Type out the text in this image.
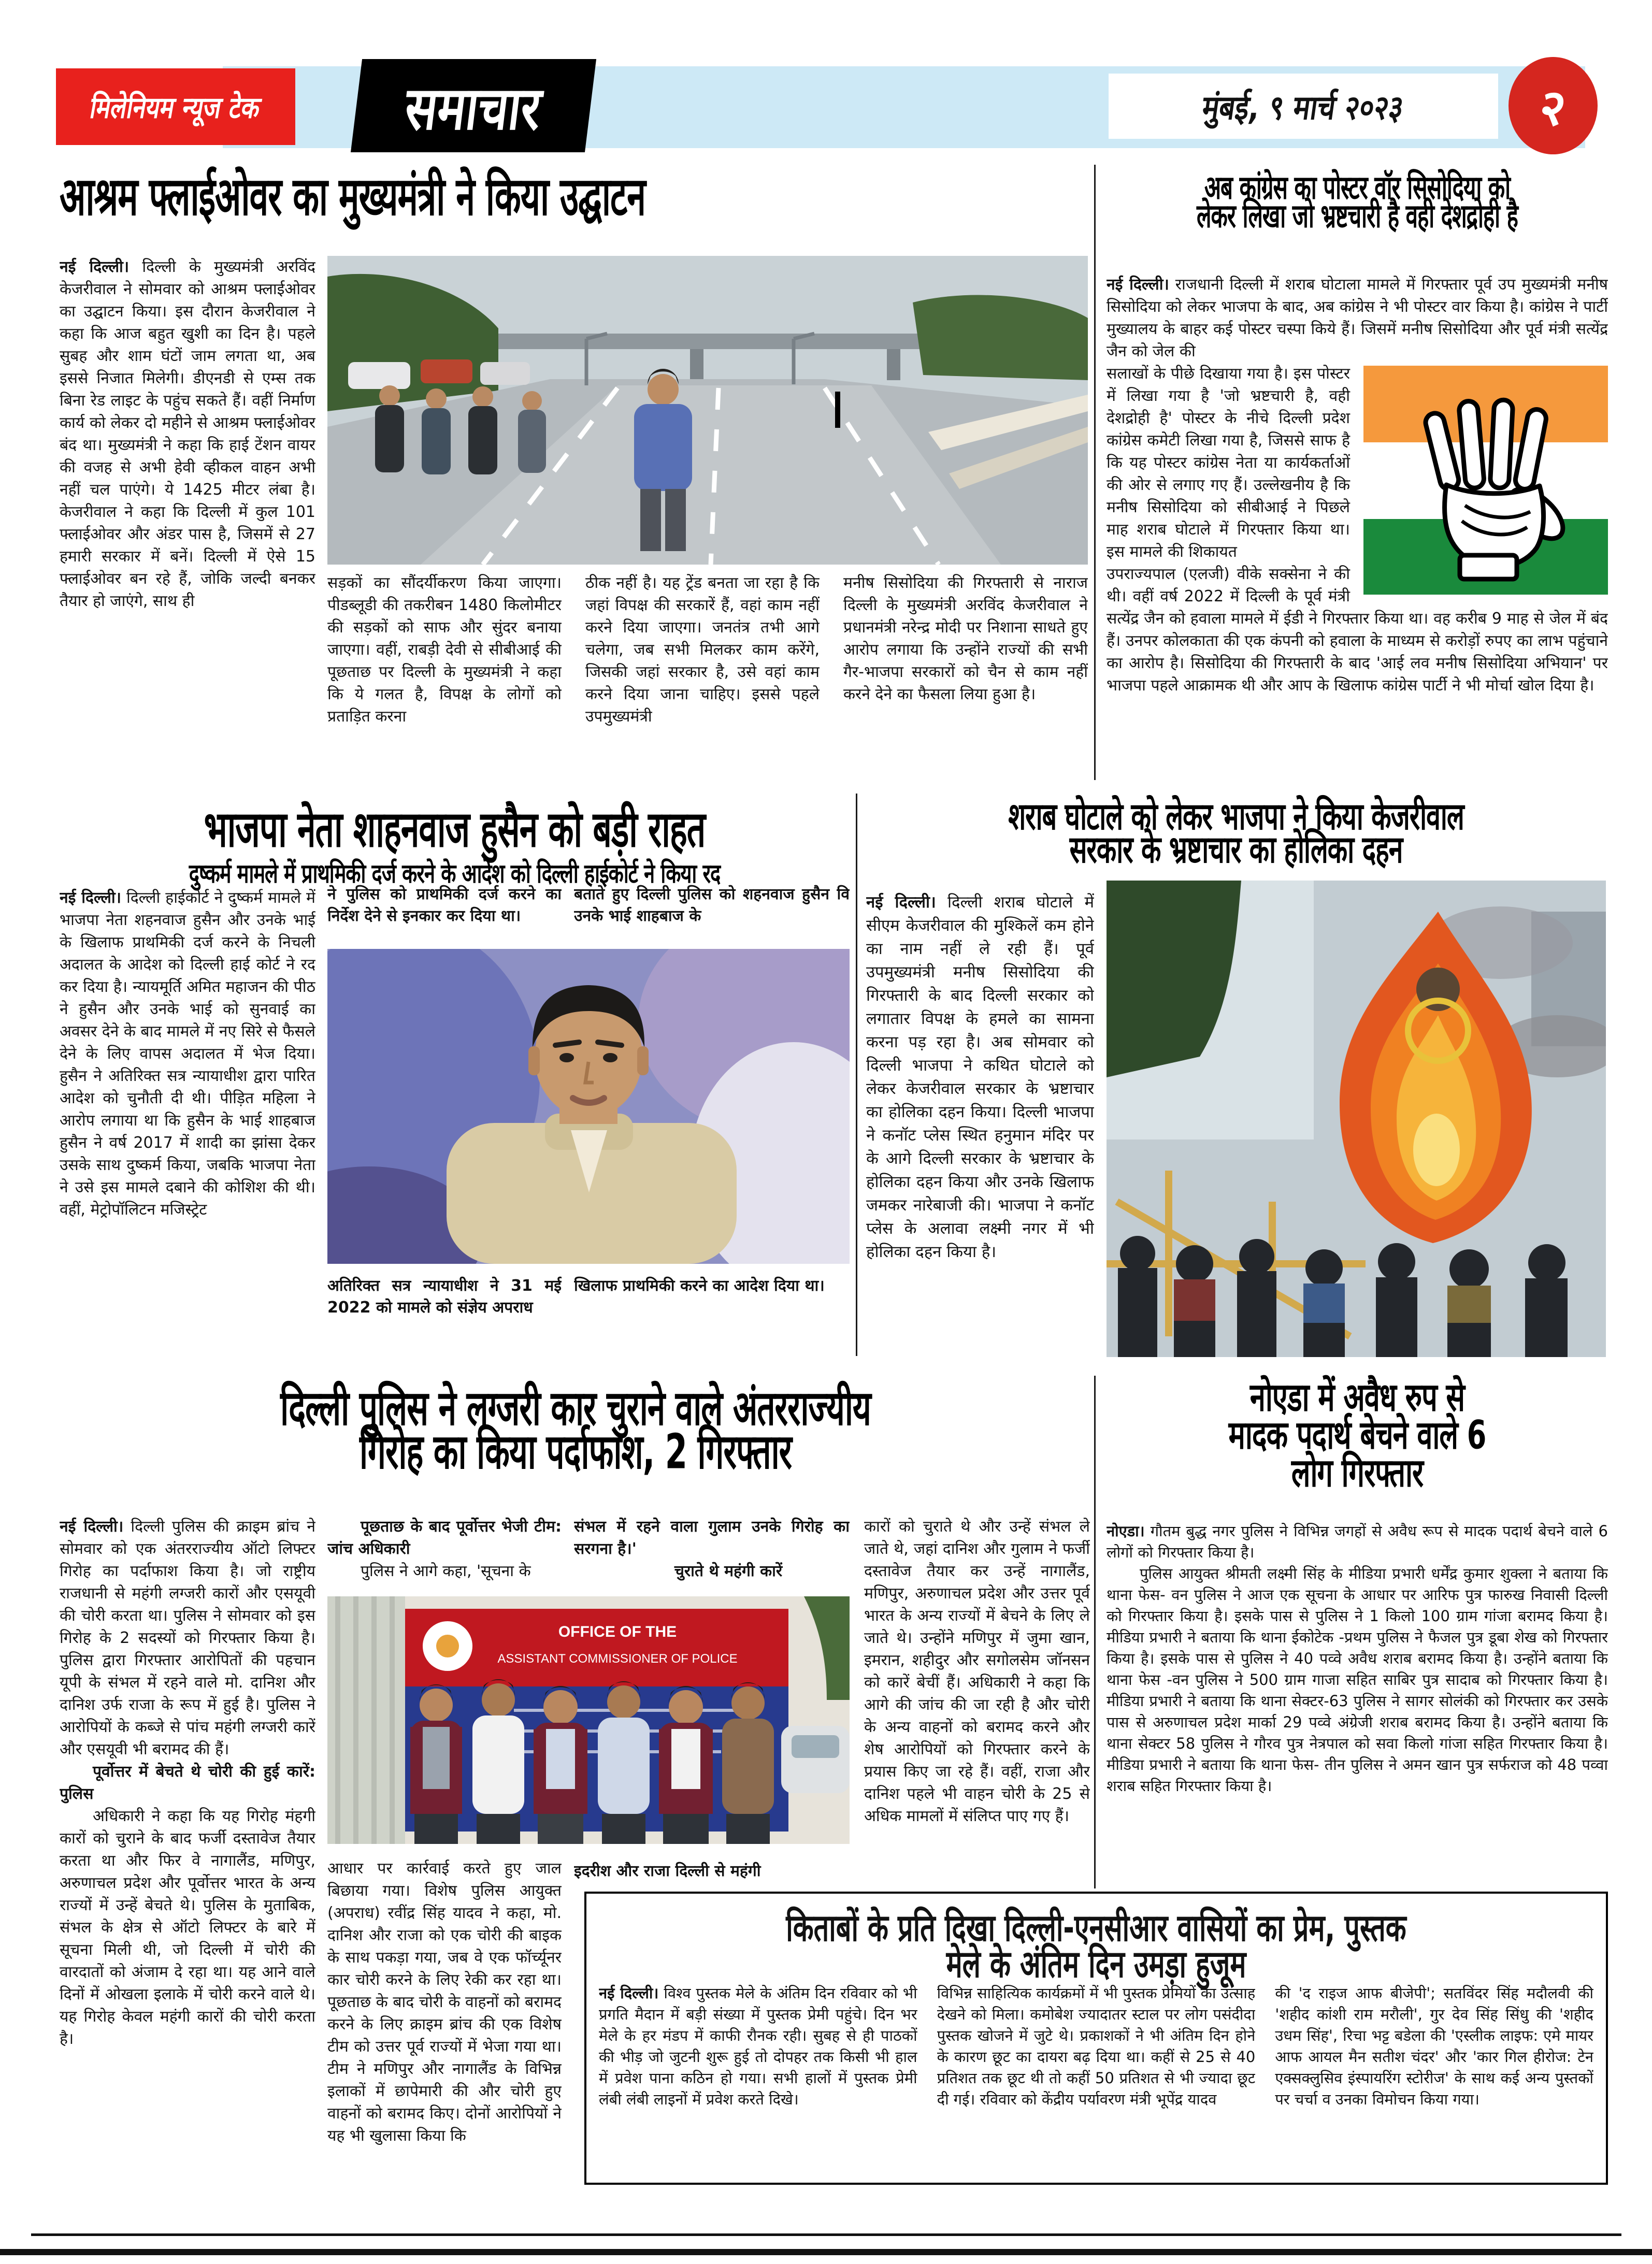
मिलेनियम न्यूज टेक	समाचार	मुंबई, ९ मार्च २०२३	२
आश्रम फ्लाईओवर का मुख्यमंत्री ने किया उद्घाटन

नई दिल्ली। दिल्ली के मुख्यमंत्री अरविंद केजरीवाल ने सोमवार को आश्रम फ्लाईओवर का उद्घाटन किया। इस दौरान केजरीवाल ने कहा कि आज बहुत खुशी का दिन है। पहले सुबह और शाम घंटों जाम लगता था, अब इससे निजात मिलेगी। डीएनडी से एम्स तक बिना रेड लाइट के पहुंच सकते हैं। वहीं निर्माण कार्य को लेकर दो महीने से आश्रम फ्लाईओवर बंद था। मुख्यमंत्री ने कहा कि हाई टेंशन वायर की वजह से अभी हेवी व्हीकल वाहन अभी नहीं चल पाएंगे। ये 1425 मीटर लंबा है। केजरीवाल ने कहा कि दिल्ली में कुल 101 फ्लाईओवर और अंडर पास है, जिसमें से 27 हमारी सरकार में बनें। दिल्ली में ऐसे 15 फ्लाईओवर बन रहे हैं, जोकि जल्दी बनकर तैयार हो जाएंगे, साथ ही

सड़कों का सौंदर्यीकरण किया जाएगा। पीडब्लूडी की तकरीबन 1480 किलोमीटर की सड़कों को साफ और सुंदर बनाया जाएगा। वहीं, राबड़ी देवी से सीबीआई की पूछताछ पर दिल्ली के मुख्यमंत्री ने कहा कि ये गलत है, विपक्ष के लोगों को प्रताड़ित करना

ठीक नहीं है। यह ट्रेंड बनता जा रहा है कि जहां विपक्ष की सरकारें हैं, वहां काम नहीं करने दिया जाएगा। जनतंत्र तभी आगे चलेगा, जब सभी मिलकर काम करेंगे, जिसकी जहां सरकार है, उसे वहां काम करने दिया जाना चाहिए। इससे पहले उपमुख्यमंत्री

मनीष सिसोदिया की गिरफ्तारी से नाराज दिल्ली के मुख्यमंत्री अरविंद केजरीवाल ने प्रधानमंत्री नरेन्द्र मोदी पर निशाना साधते हुए आरोप लगाया कि उन्होंने राज्यों की सभी गैर-भाजपा सरकारों को चैन से काम नहीं करने देने का फैसला लिया हुआ है।

अब कांग्रेस का पोस्टर वॉर सिसोदिया को
लेकर लिखा जो भ्रष्टचारी है वही देशद्रोही है

नई दिल्ली। राजधानी दिल्ली में शराब घोटाला मामले में गिरफ्तार पूर्व उप मुख्यमंत्री मनीष सिसोदिया को लेकर भाजपा के बाद, अब कांग्रेस ने भी पोस्टर वार किया है। कांग्रेस ने पार्टी मुख्यालय के बाहर कई पोस्टर चस्पा किये हैं। जिसमें मनीष सिसोदिया और पूर्व मंत्री सत्येंद्र जैन को जेल की

सलाखों के पीछे दिखाया गया है। इस पोस्टर में लिखा गया है 'जो भ्रष्टचारी है, वही देशद्रोही है' पोस्टर के नीचे दिल्ली प्रदेश कांग्रेस कमेटी लिखा गया है, जिससे साफ है कि यह पोस्टर कांग्रेस नेता या कार्यकर्ताओं की ओर से लगाए गए हैं। उल्लेखनीय है कि मनीष सिसोदिया को सीबीआई ने पिछले माह शराब घोटाले में गिरफ्तार किया था। इस मामले की शिकायत

उपराज्यपाल (एलजी) वीके सक्सेना ने की थी। वहीं वर्ष 2022 में दिल्ली के पूर्व मंत्री सत्येंद्र जैन को हवाला मामले में ईडी ने गिरफ्तार किया था। वह करीब 9 माह से जेल में बंद हैं। उनपर कोलकाता की एक कंपनी को हवाला के माध्यम से करोड़ों रुपए का लाभ पहुंचाने का आरोप है। सिसोदिया की गिरफ्तारी के बाद 'आई लव मनीष सिसोदिया अभियान' पर भाजपा पहले आक्रामक थी और आप के खिलाफ कांग्रेस पार्टी ने भी मोर्चा खोल दिया है।

भाजपा नेता शाहनवाज हुसैन को बड़ी राहत
दुष्कर्म मामले में प्राथमिकी दर्ज करने के आदेश को दिल्ली हाईकोर्ट ने किया रद

नई दिल्ली। दिल्ली हाईकोर्ट ने दुष्कर्म मामले में भाजपा नेता शहनवाज हुसैन और उनके भाई के खिलाफ प्राथमिकी दर्ज करने के निचली अदालत के आदेश को दिल्ली हाई कोर्ट ने रद कर दिया है। न्यायमूर्ति अमित महाजन की पीठ ने हुसैन और उनके भाई को सुनवाई का अवसर देने के बाद मामले में नए सिरे से फैसले देने के लिए वापस अदालत में भेज दिया। हुसैन ने अतिरिक्त सत्र न्यायाधीश द्वारा पारित आदेश को चुनौती दी थी। पीड़ित महिला ने आरोप लगाया था कि हुसैन के भाई शाहबाज हुसैन ने वर्ष 2017 में शादी का झांसा देकर उसके साथ दुष्कर्म किया, जबकि भाजपा नेता ने उसे इस मामले दबाने की कोशिश की थी। वहीं, मेट्रोपॉलिटन मजिस्ट्रेट

ने पुलिस को प्राथमिकी दर्ज करने का निर्देश देने से इनकार कर दिया था।
बताते हुए दिल्ली पुलिस को शहनवाज हुसैन वि उनके भाई शाहबाज के
अतिरिक्त सत्र न्यायाधीश ने 31 मई 2022 को मामले को संज्ञेय अपराध
खिलाफ प्राथमिकी करने का आदेश दिया था।
शराब घोटाले को लेकर भाजपा ने किया केजरीवाल
सरकार के भ्रष्टाचार का होलिका दहन

नई दिल्ली। दिल्ली शराब घोटाले में सीएम केजरीवाल की मुश्किलें कम होने का नाम नहीं ले रही हैं। पूर्व उपमुख्यमंत्री मनीष सिसोदिया की गिरफ्तारी के बाद दिल्ली सरकार को लगातार विपक्ष के हमले का सामना करना पड़ रहा है। अब सोमवार को दिल्ली भाजपा ने कथित घोटाले को लेकर केजरीवाल सरकार के भ्रष्टाचार का होलिका दहन किया। दिल्ली भाजपा ने कनॉट प्लेस स्थित हनुमान मंदिर पर के आगे दिल्ली सरकार के भ्रष्टाचार के होलिका दहन किया और उनके खिलाफ जमकर नारेबाजी की। भाजपा ने कनॉट प्लेस के अलावा लक्ष्मी नगर में भी होलिका दहन किया है।

दिल्ली पुलिस ने लग्जरी कार चुराने वाले अंतरराज्यीय
गिरोह का किया पर्दाफाश, 2 गिरफ्तार

नई दिल्ली। दिल्ली पुलिस की क्राइम ब्रांच ने सोमवार को एक अंतरराज्यीय ऑटो लिफ्टर गिरोह का पर्दाफाश किया है। जो राष्ट्रीय राजधानी से महंगी लग्जरी कारों और एसयूवी की चोरी करता था। पुलिस ने सोमवार को इस गिरोह के 2 सदस्यों को गिरफ्तार किया है। पुलिस द्वारा गिरफ्तार आरोपितों की पहचान यूपी के संभल में रहने वाले मो. दानिश और दानिश उर्फ राजा के रूप में हुई है। पुलिस ने आरोपियों के कब्जे से पांच महंगी लग्जरी कारें और एसयूवी भी बरामद की हैं।

पूर्वोत्तर में बेचते थे चोरी की हुई कारें: पुलिस

अधिकारी ने कहा कि यह गिरोह मंहगी कारों को चुराने के बाद फर्जी दस्तावेज तैयार करता था और फिर वे नागालैंड, मणिपुर, अरुणाचल प्रदेश और पूर्वोत्तर भारत के अन्य राज्यों में उन्हें बेचते थे। पुलिस के मुताबिक, संभल के क्षेत्र से ऑटो लिफ्टर के बारे में सूचना मिली थी, जो दिल्ली में चोरी की वारदातों को अंजाम दे रहा था। यह आने वाले दिनों में ओखला इलाके में चोरी करने वाले थे। यह गिरोह केवल महंगी कारों की चोरी करता है।

पूछताछ के बाद पूर्वोत्तर भेजी टीम: जांच अधिकारी

पुलिस ने आगे कहा, 'सूचना के

संभल में रहने वाला गुलाम उनके गिरोह का सरगना है।'

चुराते थे महंगी कारें

OFFICE OF THE
ASSISTANT COMMISSIONER OF POLICE

आधार पर कार्रवाई करते हुए जाल बिछाया गया। विशेष पुलिस आयुक्त (अपराध) रवींद्र सिंह यादव ने कहा, मो. दानिश और राजा को एक चोरी की बाइक के साथ पकड़ा गया, जब वे एक फॉर्च्यूनर कार चोरी करने के लिए रेकी कर रहा था। पूछताछ के बाद चोरी के वाहनों को बरामद करने के लिए क्राइम ब्रांच की एक विशेष टीम को उत्तर पूर्व राज्यों में भेजा गया था। टीम ने मणिपुर और नागालैंड के विभिन्न इलाकों में छापेमारी की और चोरी हुए वाहनों को बरामद किए। दोनों आरोपियों ने यह भी खुलासा किया कि

इदरीश और राजा दिल्ली से महंगी

कारों को चुराते थे और उन्हें संभल ले जाते थे, जहां दानिश और गुलाम ने फर्जी दस्तावेज तैयार कर उन्हें नागालैंड, मणिपुर, अरुणाचल प्रदेश और उत्तर पूर्व भारत के अन्य राज्यों में बेचने के लिए ले जाते थे। उन्होंने मणिपुर में जुमा खान, इमरान, शहीदुर और सगोलसेम जॉनसन को कारें बेचीं हैं। अधिकारी ने कहा कि आगे की जांच की जा रही है और चोरी के अन्य वाहनों को बरामद करने और शेष आरोपियों को गिरफ्तार करने के प्रयास किए जा रहे हैं। वहीं, राजा और दानिश पहले भी वाहन चोरी के 25 से अधिक मामलों में संलिप्त पाए गए हैं।

नोएडा में अवैध रुप से
मादक पदार्थ बेचने वाले 6
लोग गिरफ्तार

नोएडा। गौतम बुद्ध नगर पुलिस ने विभिन्न जगहों से अवैध रूप से मादक पदार्थ बेचने वाले 6 लोगों को गिरफ्तार किया है।

पुलिस आयुक्त श्रीमती लक्ष्मी सिंह के मीडिया प्रभारी धर्मेंद्र कुमार शुक्ला ने बताया कि थाना फेस- वन पुलिस ने आज एक सूचना के आधार पर आरिफ पुत्र फारुख निवासी दिल्ली को गिरफ्तार किया है। इसके पास से पुलिस ने 1 किलो 100 ग्राम गांजा बरामद किया है। मीडिया प्रभारी ने बताया कि थाना ईकोटेक -प्रथम पुलिस ने फैजल पुत्र डूबा शेख को गिरफ्तार किया है। इसके पास से पुलिस ने 40 पव्वे अवैध शराब बरामद किया है। उन्होंने बताया कि थाना फेस -वन पुलिस ने 500 ग्राम गाजा सहित साबिर पुत्र सादाब को गिरफ्तार किया है। मीडिया प्रभारी ने बताया कि थाना सेक्टर-63 पुलिस ने सागर सोलंकी को गिरफ्तार कर उसके पास से अरुणाचल प्रदेश मार्का 29 पव्वे अंग्रेजी शराब बरामद किया है। उन्होंने बताया कि थाना सेक्टर 58 पुलिस ने गौरव पुत्र नेत्रपाल को सवा किलो गांजा सहित गिरफ्तार किया है। मीडिया प्रभारी ने बताया कि थाना फेस- तीन पुलिस ने अमन खान पुत्र सर्फराज को 48 पव्वा शराब सहित गिरफ्तार किया है।

किताबों के प्रति दिखा दिल्ली-एनसीआर वासियों का प्रेम, पुस्तक
मेले के अंतिम दिन उमड़ा हुजूम
नई दिल्ली। विश्व पुस्तक मेले के अंतिम दिन रविवार को भी प्रगति मैदान में बड़ी संख्या में पुस्तक प्रेमी पहुंचे। दिन भर मेले के हर मंडप में काफी रौनक रही। सुबह से ही पाठकों की भीड़ जो जुटनी शुरू हुई तो दोपहर तक किसी भी हाल में प्रवेश पाना कठिन हो गया। सभी हालों में पुस्तक प्रेमी लंबी लंबी लाइनों में प्रवेश करते दिखे।
विभिन्न साहित्यिक कार्यक्रमों में भी पुस्तक प्रेमियों का उत्साह देखने को मिला। कमोबेश ज्यादातर स्टाल पर लोग पसंदीदा पुस्तक खोजने में जुटे थे। प्रकाशकों ने भी अंतिम दिन होने के कारण छूट का दायरा बढ़ दिया था। कहीं से 25 से 40 प्रतिशत तक छूट थी तो कहीं 50 प्रतिशत से भी ज्यादा छूट दी गई। रविवार को केंद्रीय पर्यावरण मंत्री भूपेंद्र यादव
की 'द राइज आफ बीजेपी'; सतविंदर सिंह मदौलवी की 'शहीद कांशी राम मरौली', गुर देव सिंह सिंधु की 'शहीद उधम सिंह', रिचा भट्ट बडेला की 'एस्लीक लाइफ: एमे मायर आफ आयल मैन सतीश चंदर' और 'कार गिल हीरोज: टेन एक्सक्लुसिव इंस्पायरिंग स्टोरीज' के साथ कई अन्य पुस्तकों पर चर्चा व उनका विमोचन किया गया।
